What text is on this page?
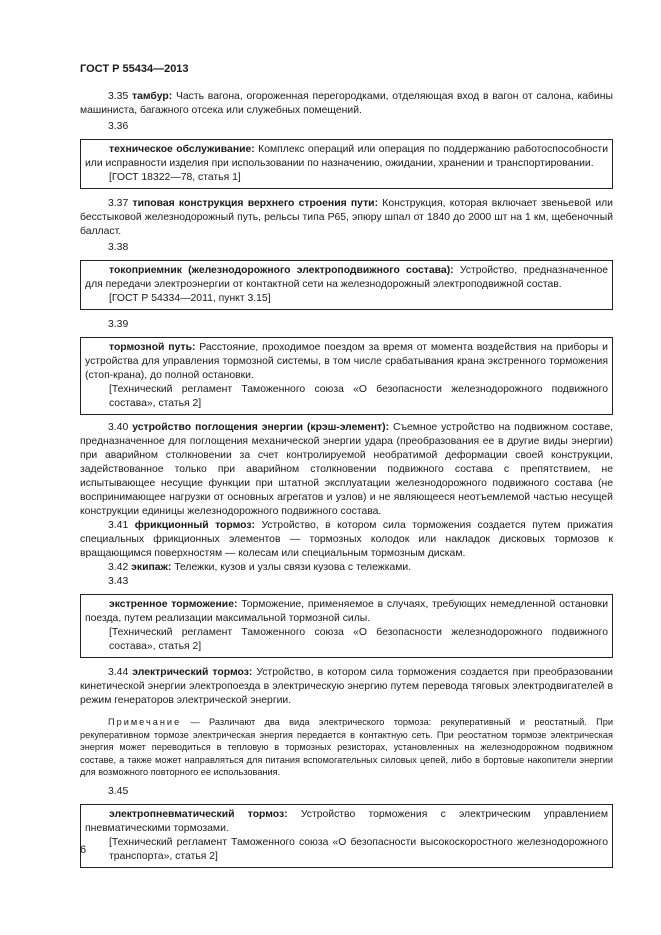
ГОСТ Р 55434—2013

3.35 тамбур: Часть вагона, огороженная перегородками, отделяющая вход в вагон от салона, кабины машиниста, багажного отсека или служебных помещений.

3.36

техническое обслуживание: Комплекс операций или операция по поддержанию работоспособности или исправности изделия при использовании по назначению, ожидании, хранении и транспортировании.

[ГОСТ 18322—78, статья 1]

3.37 типовая конструкция верхнего строения пути: Конструкция, которая включает звеньевой или бесстыковой железнодорожный путь, рельсы типа Р65, эпюру шпал от 1840 до 2000 шт на 1 км, щебеночный балласт.

3.38

токоприемник (железнодорожного электроподвижного состава): Устройство, предназначенное для передачи электроэнергии от контактной сети на железнодорожный электроподвижной состав.

[ГОСТ Р 54334—2011, пункт 3.15]

3.39

тормозной путь: Расстояние, проходимое поездом за время от момента воздействия на приборы и устройства для управления тормозной системы, в том числе срабатывания крана экстренного торможения (стоп-крана), до полной остановки.

[Технический регламент Таможенного союза «О безопасности железнодорожного подвижного состава», статья 2]

3.40 устройство поглощения энергии (крэш-элемент): Съемное устройство на подвижном составе, предназначенное для поглощения механической энергии удара (преобразования ее в другие виды энергии) при аварийном столкновении за счет контролируемой необратимой деформации своей конструкции, задействованное только при аварийном столкновении подвижного состава с препятствием, не испытывающее несущие функции при штатной эксплуатации железнодорожного подвижного состава (не воспринимающее нагрузки от основных агрегатов и узлов) и не являющееся неотъемлемой частью несущей конструкции единицы железнодорожного подвижного состава.

3.41 фрикционный тормоз: Устройство, в котором сила торможения создается путем прижатия специальных фрикционных элементов — тормозных колодок или накладок дисковых тормозов к вращающимся поверхностям — колесам или специальным тормозным дискам.

3.42 экипаж: Тележки, кузов и узлы связи кузова с тележками.

3.43

экстренное торможение: Торможение, применяемое в случаях, требующих немедленной остановки поезда, путем реализации максимальной тормозной силы.

[Технический регламент Таможенного союза «О безопасности железнодорожного подвижного состава», статья 2]

3.44 электрический тормоз: Устройство, в котором сила торможения создается при преобразовании кинетической энергии электропоезда в электрическую энергию путем перевода тяговых электродвигателей в режим генераторов электрической энергии.

Примечание — Различают два вида электрического тормоза: рекуперативный и реостатный. При рекуперативном тормозе электрическая энергия передается в контактную сеть. При реостатном тормозе электрическая энергия может переводиться в тепловую в тормозных резисторах, установленных на железнодорожном подвижном составе, а также может направляться для питания вспомогательных силовых цепей, либо в бортовые накопители энергии для возможного повторного ее использования.

3.45

электропневматический тормоз: Устройство торможения с электрическим управлением пневматическими тормозами.

[Технический регламент Таможенного союза «О безопасности высокоскоростного железнодорожного транспорта», статья 2]

6
